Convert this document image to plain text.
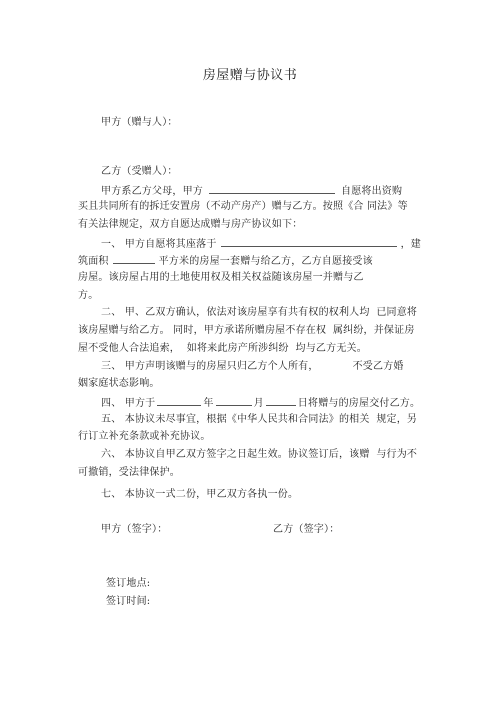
房屋赠与协议书
甲方（赠与人）：
乙方（受赠人）：
甲方系乙方父母，甲方	自愿将出资购
买且共同所有的拆迁安置房（不动产房产）赠与乙方。按照《合 同法》等
有关法律规定，双方自愿达成赠与房产协议如下：
一、 甲方自愿将其座落于	，建
筑面积	平方米的房屋一套赠与给乙方，乙方自愿接受该
房屋。该房屋占用的土地使用权及相关权益随该房屋一并赠与乙
方。
二、 甲、乙双方确认，依法对该房屋享有共有权的权利人均  已同意将
该房屋赠与给乙方。 同时，甲方承诺所赠房屋不存在权  属纠纷，并保证房
屋不受他人合法追索，  如将来此房产所涉纠纷  均与乙方无关。
三、 甲方声明该赠与的房屋只归乙方个人所有，	不受乙方婚
姻家庭状态影响。
四、 甲方于	年	月	日将赠与的房屋交付乙方。
五、 本协议未尽事宜，根据《中华人民共和合同法》的相关  规定，另
行订立补充条款或补充协议。
六、 本协议自甲乙双方签字之日起生效。协议签订后，该赠  与行为不
可撤销，受法律保护。
七、 本协议一式二份，甲乙双方各执一份。
甲方（签字）：	乙方（签字）：
签订地点:
签订时间:
